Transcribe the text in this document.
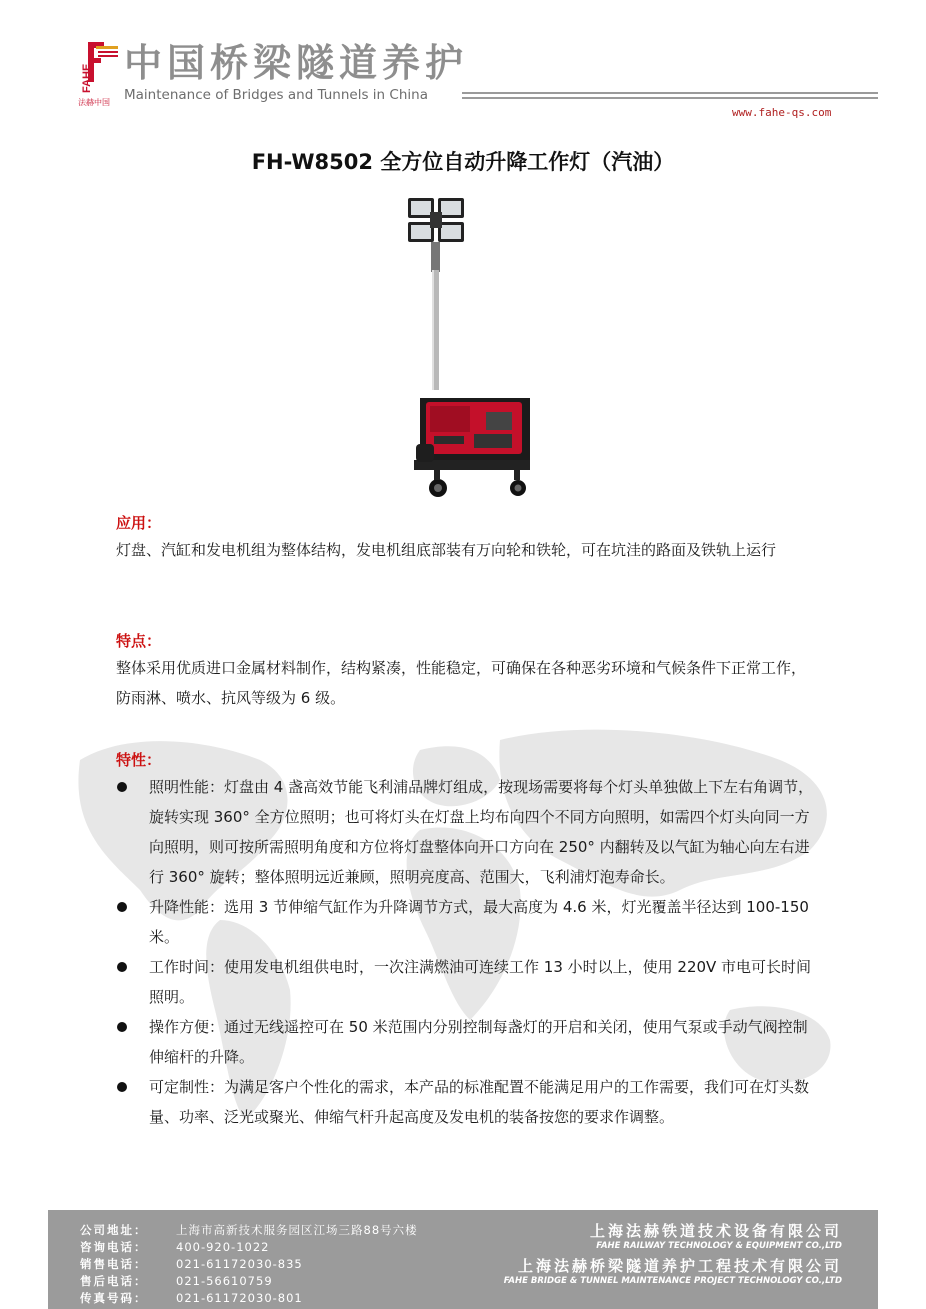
FAHE
法赫中国
中国桥梁隧道养护
Maintenance of Bridges and Tunnels in China
www.fahe-qs.com
FH-W8502 全方位自动升降工作灯（汽油）
应用：
灯盘、汽缸和发电机组为整体结构，发电机组底部装有万向轮和铁轮，可在坑洼的路面及铁轨上运行
特点：
整体采用优质进口金属材料制作，结构紧凑，性能稳定，可确保在各种恶劣环境和气候条件下正常工作，防雨淋、喷水、抗风等级为 6 级。
特性：
照明性能：灯盘由 4 盏高效节能飞利浦品牌灯组成，按现场需要将每个灯头单独做上下左右角调节， 旋转实现 360° 全方位照明；也可将灯头在灯盘上均布向四个不同方向照明，如需四个灯头向同一方向照明，则可按所需照明角度和方位将灯盘整体向开口方向在 250° 内翻转及以气缸为轴心向左右进行 360° 旋转；整体照明远近兼顾，照明亮度高、范围大，飞利浦灯泡寿命长。
升降性能：选用 3 节伸缩气缸作为升降调节方式，最大高度为 4.6 米，灯光覆盖半径达到 100-150 米。
工作时间：使用发电机组供电时，一次注满燃油可连续工作 13 小时以上，使用 220V 市电可长时间照明。
操作方便：通过无线遥控可在 50 米范围内分别控制每盏灯的开启和关闭，使用气泵或手动气阀控制伸缩杆的升降。
可定制性：为满足客户个性化的需求，本产品的标准配置不能满足用户的工作需要，我们可在灯头数量、功率、泛光或聚光、伸缩气杆升起高度及发电机的装备按您的要求作调整。
公司地址： 上海市高新技术服务园区江场三路88号六楼
咨询电话： 400-920-1022
销售电话： 021-61172030-835
售后电话： 021-56610759
传真号码： 021-61172030-801
上海法赫铁道技术设备有限公司
FAHE RAILWAY TECHNOLOGY & EQUIPMENT CO.,LTD
上海法赫桥梁隧道养护工程技术有限公司
FAHE BRIDGE & TUNNEL MAINTENANCE PROJECT TECHNOLOGY CO.,LTD
